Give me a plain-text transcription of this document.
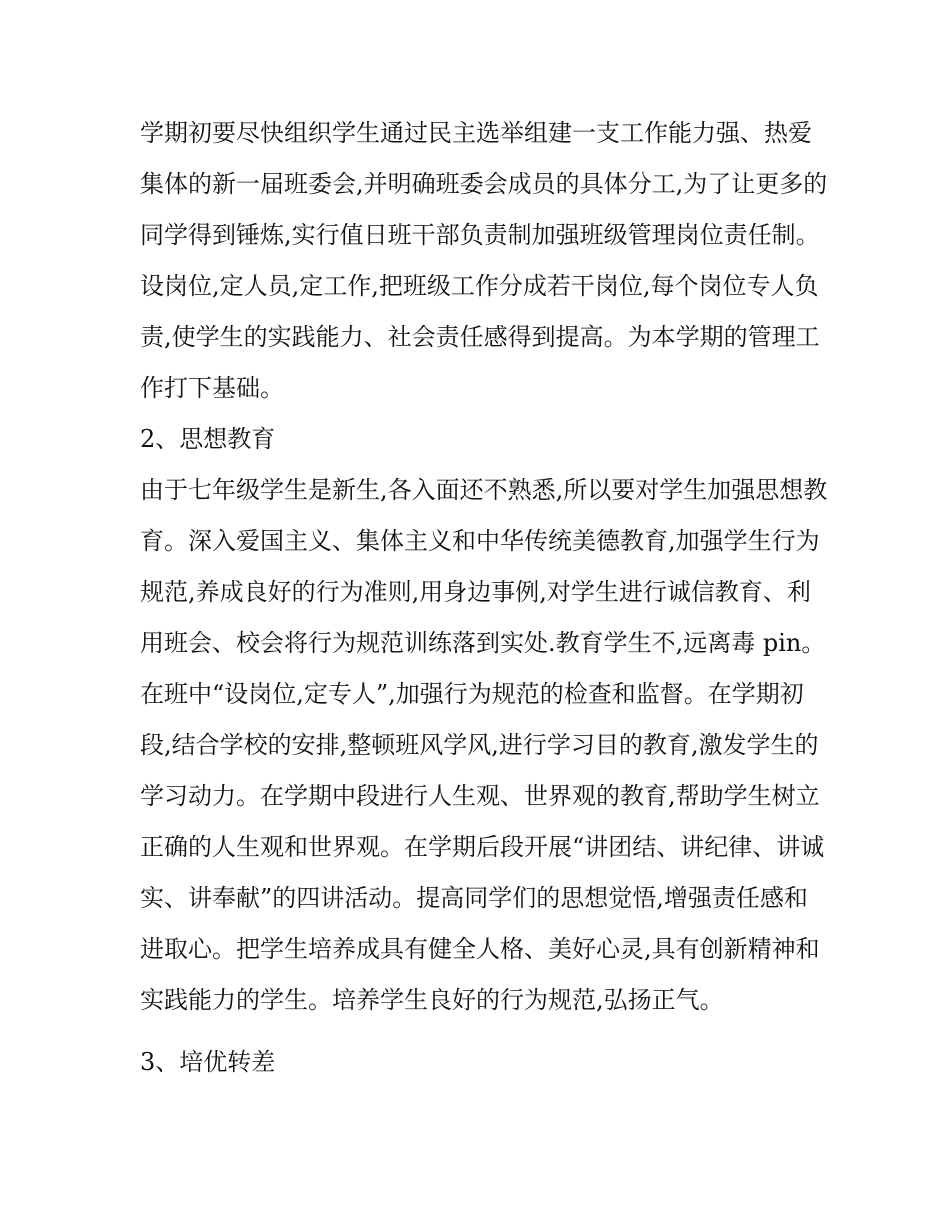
学期初要尽快组织学生通过民主选举组建一支工作能力强、热爱集体的新一届班委会,并明确班委会成员的具体分工,为了让更多的同学得到锤炼,实行值日班干部负责制加强班级管理岗位责任制。设岗位,定人员,定工作,把班级工作分成若干岗位,每个岗位专人负责,使学生的实践能力、社会责任感得到提高。为本学期的管理工作打下基础。

2、思想教育

由于七年级学生是新生,各入面还不熟悉,所以要对学生加强思想教育。深入爱国主义、集体主义和中华传统美德教育,加强学生行为规范,养成良好的行为准则,用身边事例,对学生进行诚信教育、利用班会、校会将行为规范训练落到实处.教育学生不,远离毒 pin。在班中“设岗位,定专人”,加强行为规范的检查和监督。在学期初段,结合学校的安排,整顿班风学风,进行学习目的教育,激发学生的学习动力。在学期中段进行人生观、世界观的教育,帮助学生树立正确的人生观和世界观。在学期后段开展“讲团结、讲纪律、讲诚实、讲奉献”的四讲活动。提高同学们的思想觉悟,增强责任感和进取心。把学生培养成具有健全人格、美好心灵,具有创新精神和实践能力的学生。培养学生良好的行为规范,弘扬正气。

3、培优转差
